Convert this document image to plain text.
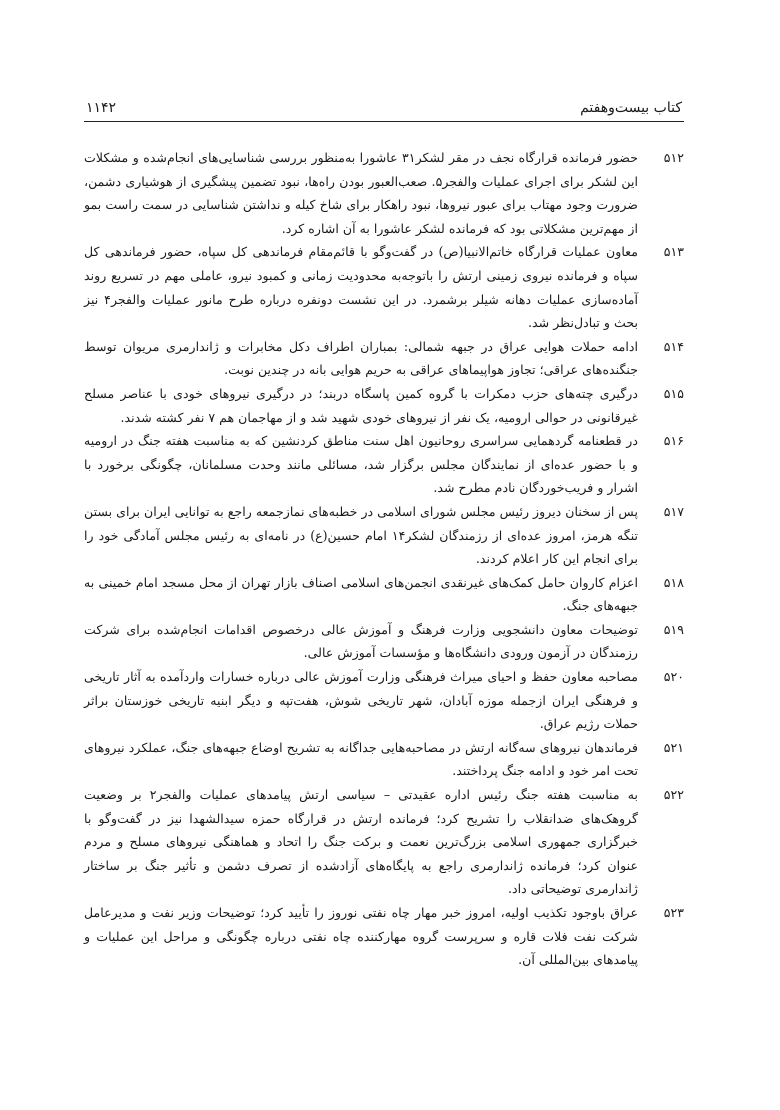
کتاب بیست‌وهفتم
۱۱۴۲
۵۱۲
حضور فرمانده قرارگاه نجف در مقر لشکر۳۱ عاشورا به‌منظور بررسی شناسایی‌های انجام‌شده و مشکلات این لشکر برای اجرای عملیات والفجر۵. صعب‌العبور بودن راه‌ها، نبود تضمین پیشگیری از هوشیاری دشمن، ضرورت وجود مهتاب برای عبور نیروها، نبود راهکار برای شاخ کیله و نداشتن شناسایی در سمت راست بمو از مهم‌ترین مشکلاتی بود که فرمانده لشکر عاشورا به آن اشاره کرد.
۵۱۳
معاون عملیات قرارگاه خاتم‌الانبیا(ص) در گفت‌وگو با قائم‌مقام فرماندهی کل سپاه، حضور فرماندهی کل سپاه و فرمانده نیروی زمینی ارتش را باتوجه‌به محدودیت زمانی و کمبود نیرو، عاملی مهم در تسریع روند آماده‌سازی عملیات دهانه شیلر برشمرد. در این نشست دونفره درباره طرح مانور عملیات والفجر۴ نیز بحث و تبادل‌نظر شد.
۵۱۴
ادامه حملات هوایی عراق در جبهه شمالی: بمباران اطراف دکل مخابرات و ژاندارمری مریوان توسط جنگنده‌های عراقی؛ تجاوز هواپیماهای عراقی به حریم هوایی بانه در چندین نوبت.
۵۱۵
درگیری چته‌های حزب دمکرات با گروه کمین پاسگاه دربند؛ در درگیری نیروهای خودی با عناصر مسلح غیرقانونی در حوالی ارومیه، یک نفر از نیروهای خودی شهید شد و از مهاجمان هم ۷ نفر کشته شدند.
۵۱۶
در قطعنامه گردهمایی سراسری روحانیون اهل سنت مناطق کردنشین که به مناسبت هفته جنگ در ارومیه و با حضور عده‌ای از نمایندگان مجلس برگزار شد، مسائلی مانند وحدت مسلمانان، چگونگی برخورد با اشرار و فریب‌خوردگان نادم مطرح شد.
۵۱۷
پس از سخنان دیروز رئیس مجلس شورای اسلامی در خطبه‌های نمازجمعه راجع به توانایی ایران برای بستن تنگه هرمز، امروز عده‌ای از رزمندگان لشکر۱۴ امام حسین(ع) در نامه‌ای به رئیس مجلس آمادگی خود را برای انجام این کار اعلام کردند.
۵۱۸
اعزام کاروان حامل کمک‌های غیرنقدی انجمن‌های اسلامی اصناف بازار تهران از محل مسجد امام خمینی به جبهه‌های جنگ.
۵۱۹
توضیحات معاون دانشجویی وزارت فرهنگ و آموزش عالی درخصوص اقدامات انجام‌شده برای شرکت رزمندگان در آزمون ورودی دانشگاه‌ها و مؤسسات آموزش عالی.
۵۲۰
مصاحبه معاون حفظ و احیای میراث فرهنگی وزارت آموزش عالی درباره خسارات واردآمده به آثار تاریخی و فرهنگی ایران ازجمله موزه آبادان، شهر تاریخی شوش، هفت‌تپه و دیگر ابنیه تاریخی خوزستان براثر حملات رژیم عراق.
۵۲۱
فرماندهان نیروهای سه‌گانه ارتش در مصاحبه‌هایی جداگانه به تشریح اوضاع جبهه‌های جنگ، عملکرد نیروهای تحت امر خود و ادامه جنگ پرداختند.
۵۲۲
به مناسبت هفته جنگ رئیس اداره عقیدتی – سیاسی ارتش پیامدهای عملیات والفجر۲ بر وضعیت گروهک‌های ضدانقلاب را تشریح کرد؛ فرمانده ارتش در قرارگاه حمزه سیدالشهدا نیز در گفت‌وگو با خبرگزاری جمهوری اسلامی بزرگ‌ترین نعمت و برکت جنگ را اتحاد و هماهنگی نیروهای مسلح و مردم عنوان کرد؛ فرمانده ژاندارمری راجع به پایگاه‌های آزادشده از تصرف دشمن و تأثیر جنگ بر ساختار ژاندارمری توضیحاتی داد.
۵۲۳
عراق باوجود تکذیب اولیه، امروز خبر مهار چاه نفتی نوروز را تأیید کرد؛ توضیحات وزیر نفت و مدیرعامل شرکت نفت فلات قاره و سرپرست گروه مهارکننده چاه نفتی درباره چگونگی و مراحل این عملیات و پیامدهای بین‌المللی آن.
